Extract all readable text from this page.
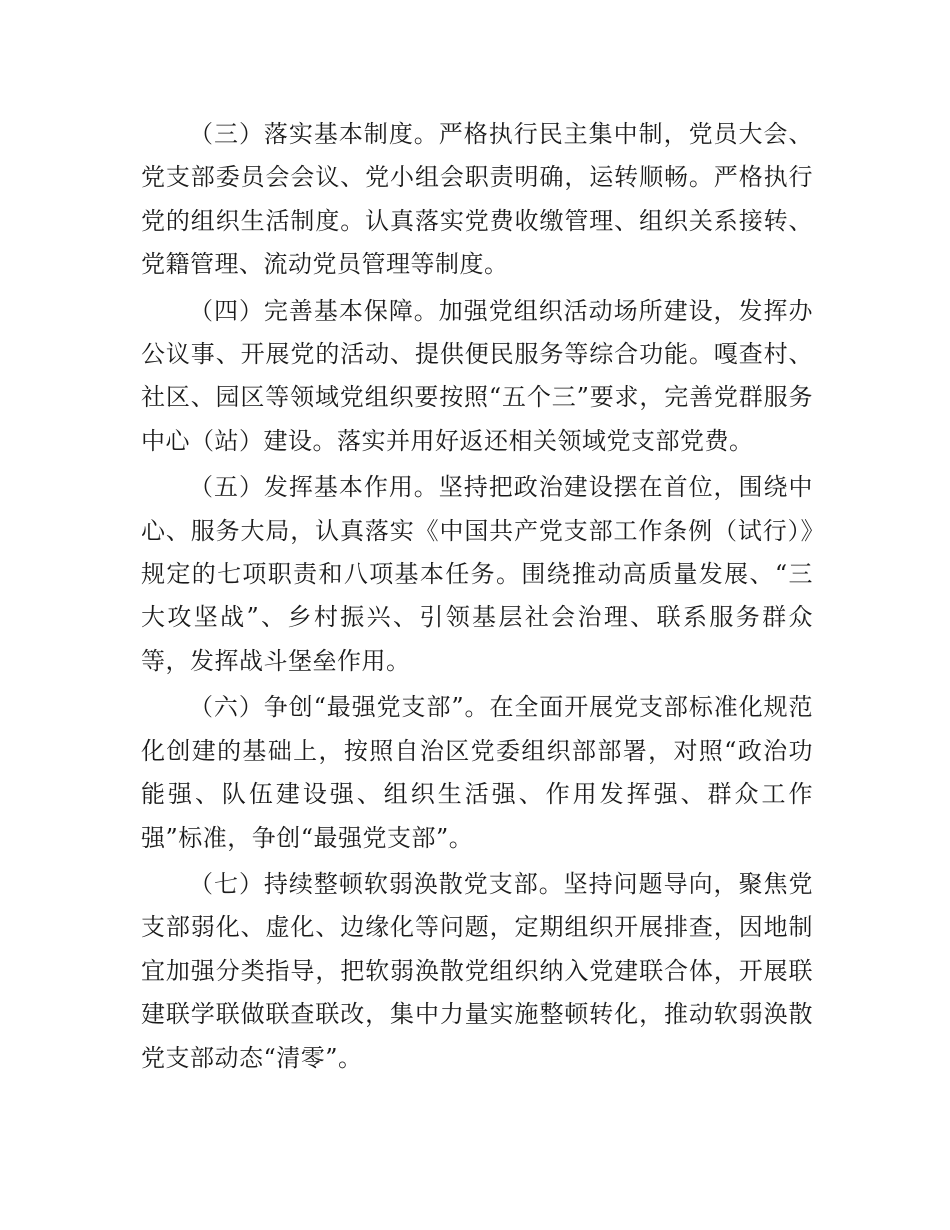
（三）落实基本制度。严格执行民主集中制，党员大会、党支部委员会会议、党小组会职责明确，运转顺畅。严格执行党的组织生活制度。认真落实党费收缴管理、组织关系接转、党籍管理、流动党员管理等制度。

（四）完善基本保障。加强党组织活动场所建设，发挥办公议事、开展党的活动、提供便民服务等综合功能。嘎查村、社区、园区等领域党组织要按照“五个三”要求，完善党群服务中心（站）建设。落实并用好返还相关领域党支部党费。

（五）发挥基本作用。坚持把政治建设摆在首位，围绕中心、服务大局，认真落实《中国共产党支部工作条例（试行）》规定的七项职责和八项基本任务。围绕推动高质量发展、“三大攻坚战”、乡村振兴、引领基层社会治理、联系服务群众等，发挥战斗堡垒作用。

（六）争创“最强党支部”。在全面开展党支部标准化规范化创建的基础上，按照自治区党委组织部部署，对照“政治功能强、队伍建设强、组织生活强、作用发挥强、群众工作强”标准，争创“最强党支部”。

（七）持续整顿软弱涣散党支部。坚持问题导向，聚焦党支部弱化、虚化、边缘化等问题，定期组织开展排查，因地制宜加强分类指导，把软弱涣散党组织纳入党建联合体，开展联建联学联做联查联改，集中力量实施整顿转化，推动软弱涣散党支部动态“清零”。
